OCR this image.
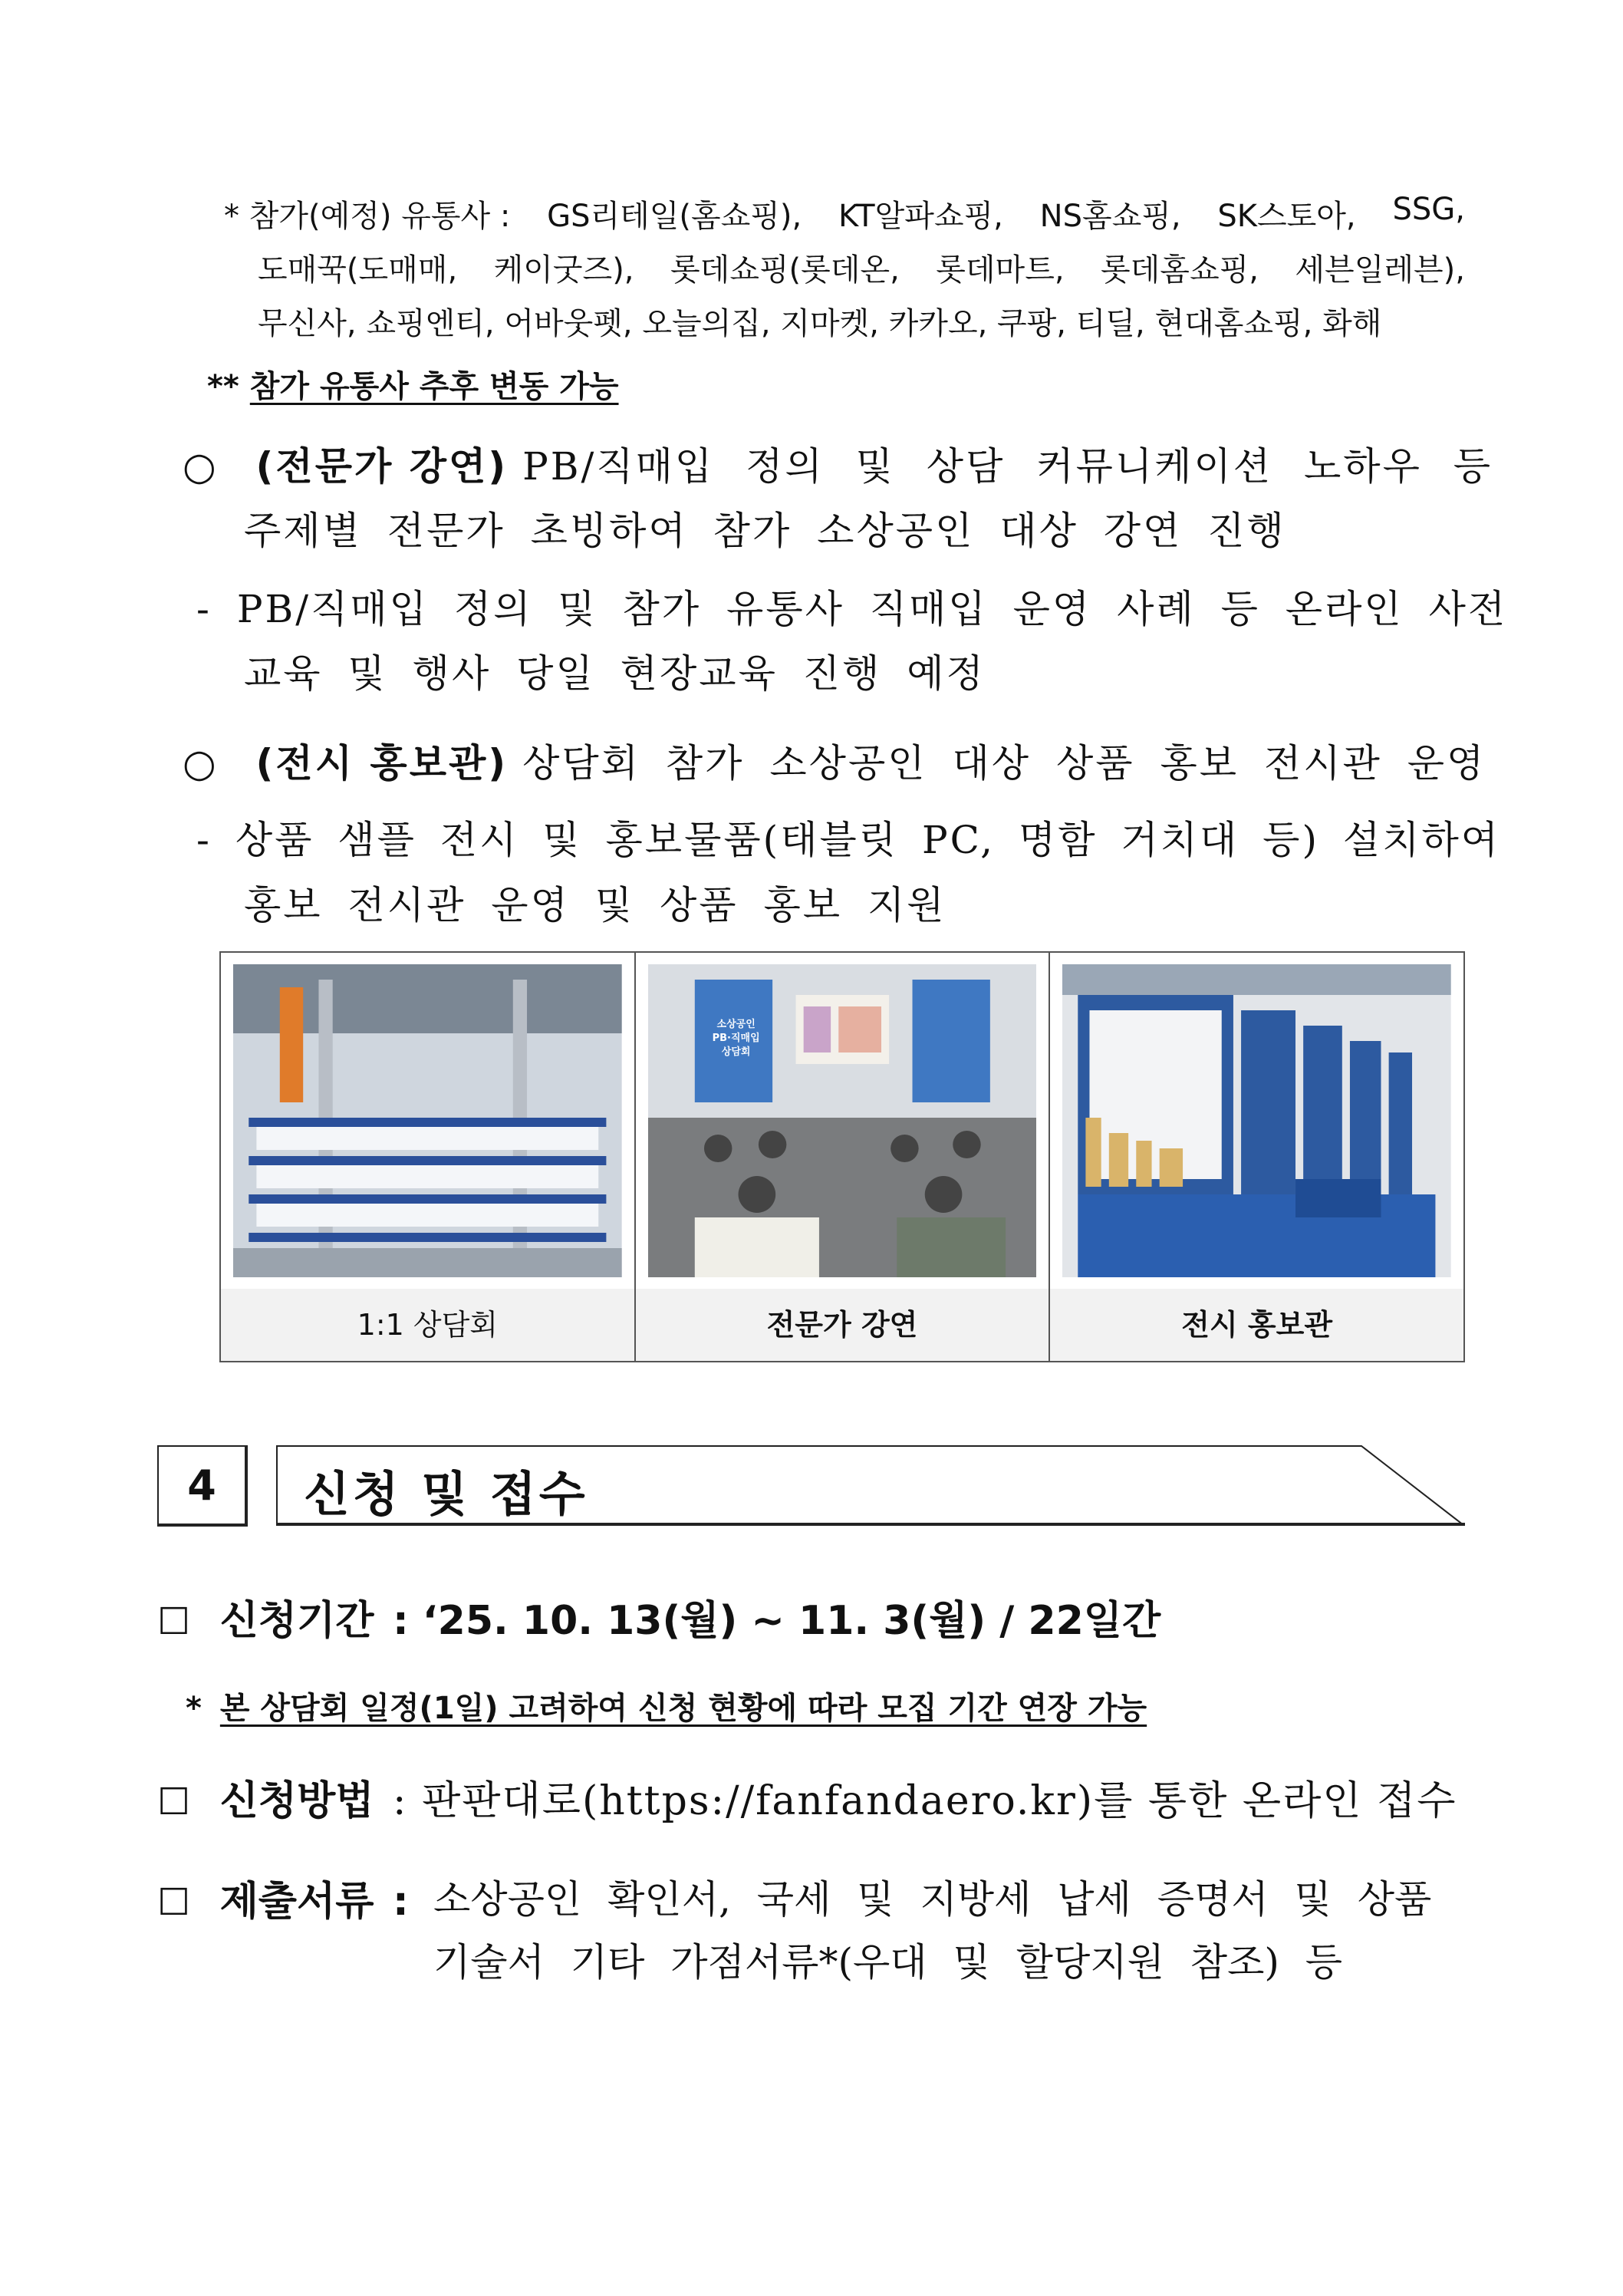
* 참가(예정) 유통사 : GS리테일(홈쇼핑), KT알파쇼핑, NS홈쇼핑, SK스토아, SSG,
도매꾹(도매매, 케이굿즈), 롯데쇼핑(롯데온, 롯데마트, 롯데홈쇼핑, 세븐일레븐),
무신사, 쇼핑엔티, 어바웃펫, 오늘의집, 지마켓, 카카오, 쿠팡, 티딜, 현대홈쇼핑, 화해
** 참가 유통사 추후 변동 가능
○ (전문가 강연) PB/직매입 정의 및 상담 커뮤니케이션 노하우 등
주제별 전문가 초빙하여 참가 소상공인 대상 강연 진행
- PB/직매입 정의 및 참가 유통사 직매입 운영 사례 등 온라인 사전
교육 및 행사 당일 현장교육 진행 예정
○ (전시 홍보관) 상담회 참가 소상공인 대상 상품 홍보 전시관 운영
- 상품 샘플 전시 및 홍보물품(태블릿 PC, 명함 거치대 등) 설치하여
홍보 전시관 운영 및 상품 홍보 지원
1:1 상담회

소상공인
PB·직매입
상담회
전문가 강연	전시 홍보관
4	신청 및 접수
☐ 신청기간 : ‘25. 10. 13(월) ~ 11. 3(월) / 22일간
* 본 상담회 일정(1일) 고려하여 신청 현황에 따라 모집 기간 연장 가능
☐ 신청방법 : 판판대로(https://fanfandaero.kr)를 통한 온라인 접수
☐ 제출서류 : 소상공인 확인서, 국세 및 지방세 납세 증명서 및 상품
기술서 기타 가점서류*(우대 및 할당지원 참조) 등
